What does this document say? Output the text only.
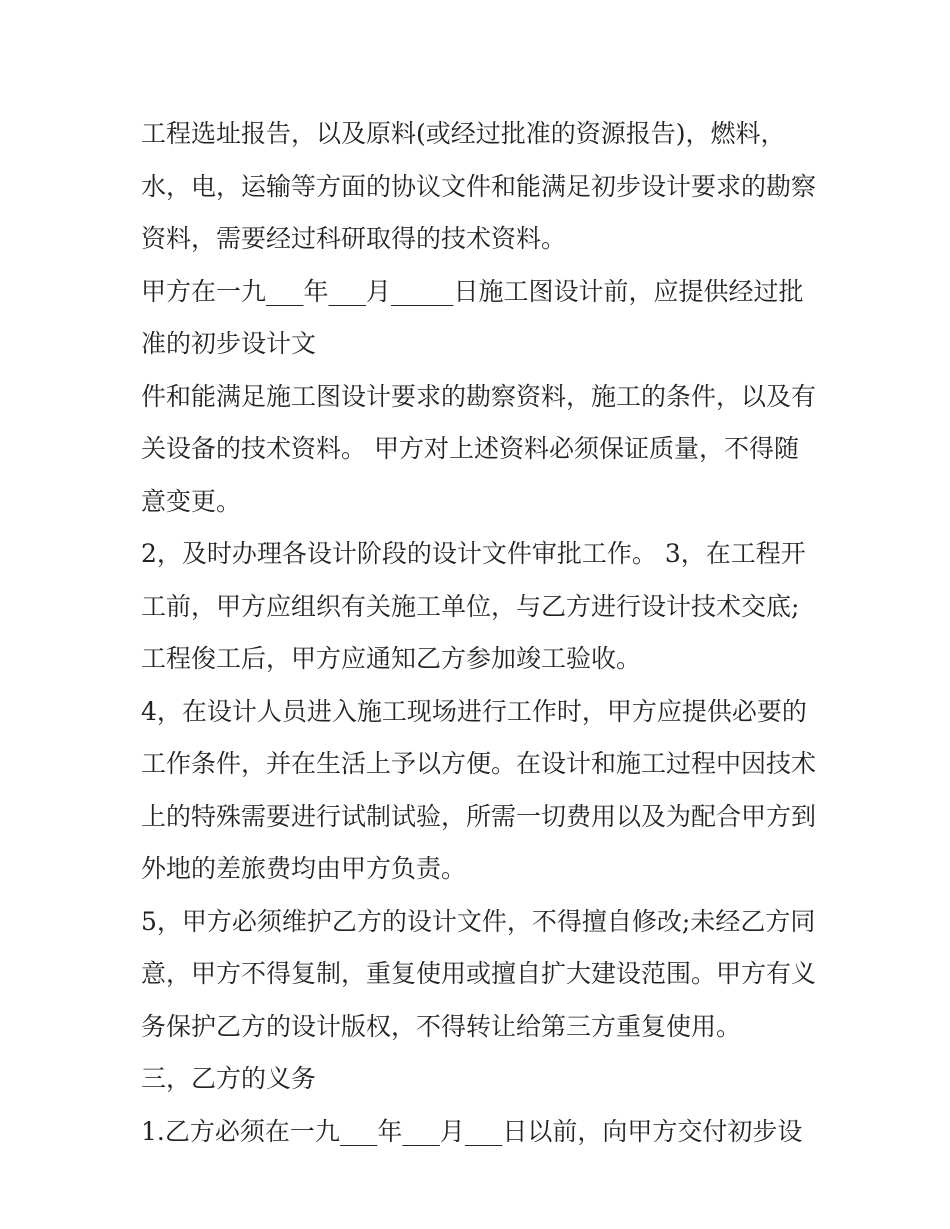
工程选址报告，以及原料(或经过批准的资源报告)，燃料，
水，电，运输等方面的协议文件和能满足初步设计要求的勘察
资料，需要经过科研取得的技术资料。
甲方在一九___年___月_____日施工图设计前，应提供经过批
准的初步设计文
件和能满足施工图设计要求的勘察资料，施工的条件，以及有
关设备的技术资料。 甲方对上述资料必须保证质量，不得随
意变更。
2，及时办理各设计阶段的设计文件审批工作。 3，在工程开
工前，甲方应组织有关施工单位，与乙方进行设计技术交底;
工程俊工后，甲方应通知乙方参加竣工验收。
4，在设计人员进入施工现场进行工作时，甲方应提供必要的
工作条件，并在生活上予以方便。在设计和施工过程中因技术
上的特殊需要进行试制试验，所需一切费用以及为配合甲方到
外地的差旅费均由甲方负责。
5，甲方必须维护乙方的设计文件，不得擅自修改;未经乙方同
意，甲方不得复制，重复使用或擅自扩大建设范围。甲方有义
务保护乙方的设计版权，不得转让给第三方重复使用。
三，乙方的义务
1.乙方必须在一九___年___月___日以前，向甲方交付初步设
